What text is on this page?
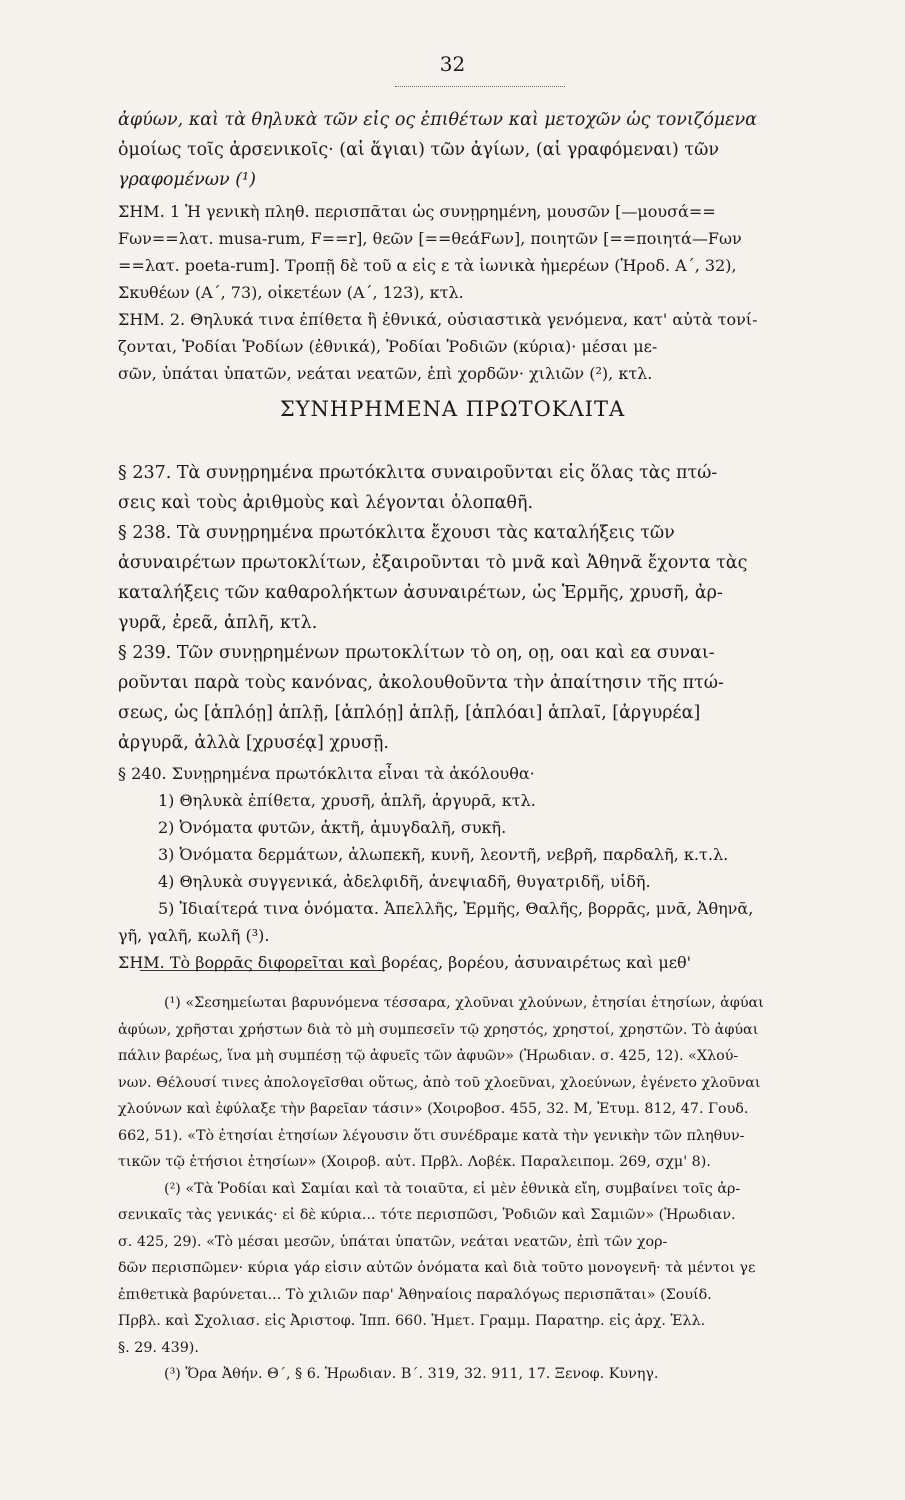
32
ἀφύων, καὶ τὰ θηλυκὰ τῶν εἰς ος ἐπιθέτων καὶ μετοχῶν ὡς τονιζόμενα
ὁμοίως τοῖς ἀρσενικοῖς· (αἱ ἅγιαι) τῶν ἁγίων, (αἱ γραφόμεναι) τῶν
γραφομένων (¹)
ΣΗΜ. 1 Ἡ γενικὴ πληθ. περισπᾶται ὡς συνῃρημένη, μουσῶν [—μουσά==
Fων==λατ. musa-rum, F==r], θεῶν [==θεάFων], ποιητῶν [==ποιητά—Fων
==λατ. poeta-rum]. Τροπῇ δὲ τοῦ α εἰς ε τὰ ἰωνικὰ ἡμερέων (Ἡροδ. Α΄, 32),
Σκυθέων (Α΄, 73), οἰκετέων (Α΄, 123), κτλ.
ΣΗΜ. 2. Θηλυκά τινα ἐπίθετα ἢ ἐθνικά, οὐσιαστικὰ γενόμενα, κατ' αὐτὰ τονί-
ζονται, Ῥοδίαι Ῥοδίων (ἐθνικά), Ῥοδίαι Ῥοδιῶν (κύρια)· μέσαι με-
σῶν, ὑπάται ὑπατῶν, νεάται νεατῶν, ἐπὶ χορδῶν· χιλιῶν (²), κτλ.
ΣΥΝΗΡΗΜΕΝΑ ΠΡΩΤΟΚΛΙΤΑ
§ 237. Τὰ συνῃρημένα πρωτόκλιτα συναιροῦνται εἰς ὅλας τὰς πτώ-
σεις καὶ τοὺς ἀριθμοὺς καὶ λέγονται ὁλοπαθῆ.
§ 238. Τὰ συνῃρημένα πρωτόκλιτα ἔχουσι τὰς καταλήξεις τῶν
ἀσυναιρέτων πρωτοκλίτων, ἐξαιροῦνται τὸ μνᾶ καὶ Ἀθηνᾶ ἔχοντα τὰς
καταλήξεις τῶν καθαρολήκτων ἀσυναιρέτων, ὡς Ἑρμῆς, χρυσῆ, ἀρ-
γυρᾶ, ἐρεᾶ, ἁπλῆ, κτλ.
§ 239. Τῶν συνῃρημένων πρωτοκλίτων τὸ οη, οῃ, οαι καὶ εα συναι-
ροῦνται παρὰ τοὺς κανόνας, ἀκολουθοῦντα τὴν ἀπαίτησιν τῆς πτώ-
σεως, ὡς [ἁπλόῃ] ἁπλῇ, [ἁπλόῃ] ἁπλῇ, [ἁπλόαι] ἁπλαῖ, [ἀργυρέα]
ἀργυρᾶ, ἀλλὰ [χρυσέᾳ] χρυσῇ.
§ 240. Συνῃρημένα πρωτόκλιτα εἶναι τὰ ἀκόλουθα·
1) Θηλυκὰ ἐπίθετα, χρυσῆ, ἁπλῆ, ἀργυρᾶ, κτλ.
2) Ὀνόματα φυτῶν, ἀκτῆ, ἀμυγδαλῆ, συκῆ.
3) Ὀνόματα δερμάτων, ἀλωπεκῆ, κυνῆ, λεοντῆ, νεβρῆ, παρδαλῆ, κ.τ.λ.
4) Θηλυκὰ συγγενικά, ἀδελφιδῆ, ἀνεψιαδῆ, θυγατριδῆ, υἱδῆ.
5) Ἰδιαίτερά τινα ὀνόματα. Ἀπελλῆς, Ἑρμῆς, Θαλῆς, βορρᾶς, μνᾶ, Ἀθηνᾶ,
γῆ, γαλῆ, κωλῆ (³).
ΣΗΜ. Τὸ βορρᾶς διφορεῖται καὶ βορέας, βορέου, ἀσυναιρέτως καὶ μεθ'
(¹) «Σεσημείωται βαρυνόμενα τέσσαρα, χλοῦναι χλούνων, ἐτησίαι ἐτησίων, ἀφύαι
ἀφύων, χρῆσται χρήστων διὰ τὸ μὴ συμπεσεῖν τῷ χρηστός, χρηστοί, χρηστῶν. Τὸ ἀφύαι
πάλιν βαρέως, ἵνα μὴ συμπέσῃ τῷ ἀφυεῖς τῶν ἀφυῶν» (Ἡρωδιαν. σ. 425, 12). «Χλού-
νων. Θέλουσί τινες ἀπολογεῖσθαι οὕτως, ἀπὸ τοῦ χλοεῦναι, χλοεύνων, ἐγένετο χλοῦναι
χλούνων καὶ ἐφύλαξε τὴν βαρεῖαν τάσιν» (Χοιροβοσ. 455, 32. Μ, Ἐτυμ. 812, 47. Γουδ.
662, 51). «Τὸ ἐτησίαι ἐτησίων λέγουσιν ὅτι συνέδραμε κατὰ τὴν γενικὴν τῶν πληθυν-
τικῶν τῷ ἐτήσιοι ἐτησίων» (Χοιροβ. αὐτ. Πρβλ. Λοβέκ. Παραλειπομ. 269, σχμ' 8).
(²) «Τὰ Ῥοδίαι καὶ Σαμίαι καὶ τὰ τοιαῦτα, εἰ μὲν ἐθνικὰ εἴη, συμβαίνει τοῖς ἀρ-
σενικαῖς τὰς γενικάς· εἰ δὲ κύρια... τότε περισπῶσι, Ῥοδιῶν καὶ Σαμιῶν» (Ἡρωδιαν.
σ. 425, 29). «Τὸ μέσαι μεσῶν, ὑπάται ὑπατῶν, νεάται νεατῶν, ἐπὶ τῶν χορ-
δῶν περισπῶμεν· κύρια γάρ εἰσιν αὐτῶν ὀνόματα καὶ διὰ τοῦτο μονογενῆ· τὰ μέντοι γε
ἐπιθετικὰ βαρύνεται... Τὸ χιλιῶν παρ' Ἀθηναίοις παραλόγως περισπᾶται» (Σουίδ.
Πρβλ. καὶ Σχολιασ. εἰς Ἀριστοφ. Ἱππ. 660. Ἡμετ. Γραμμ. Παρατηρ. εἰς ἀρχ. Ἑλλ.
§. 29. 439).
(³) Ὅρα Ἀθήν. Θ΄, § 6. Ἡρωδιαν. Β΄. 319, 32. 911, 17. Ξενοφ. Κυνηγ.
